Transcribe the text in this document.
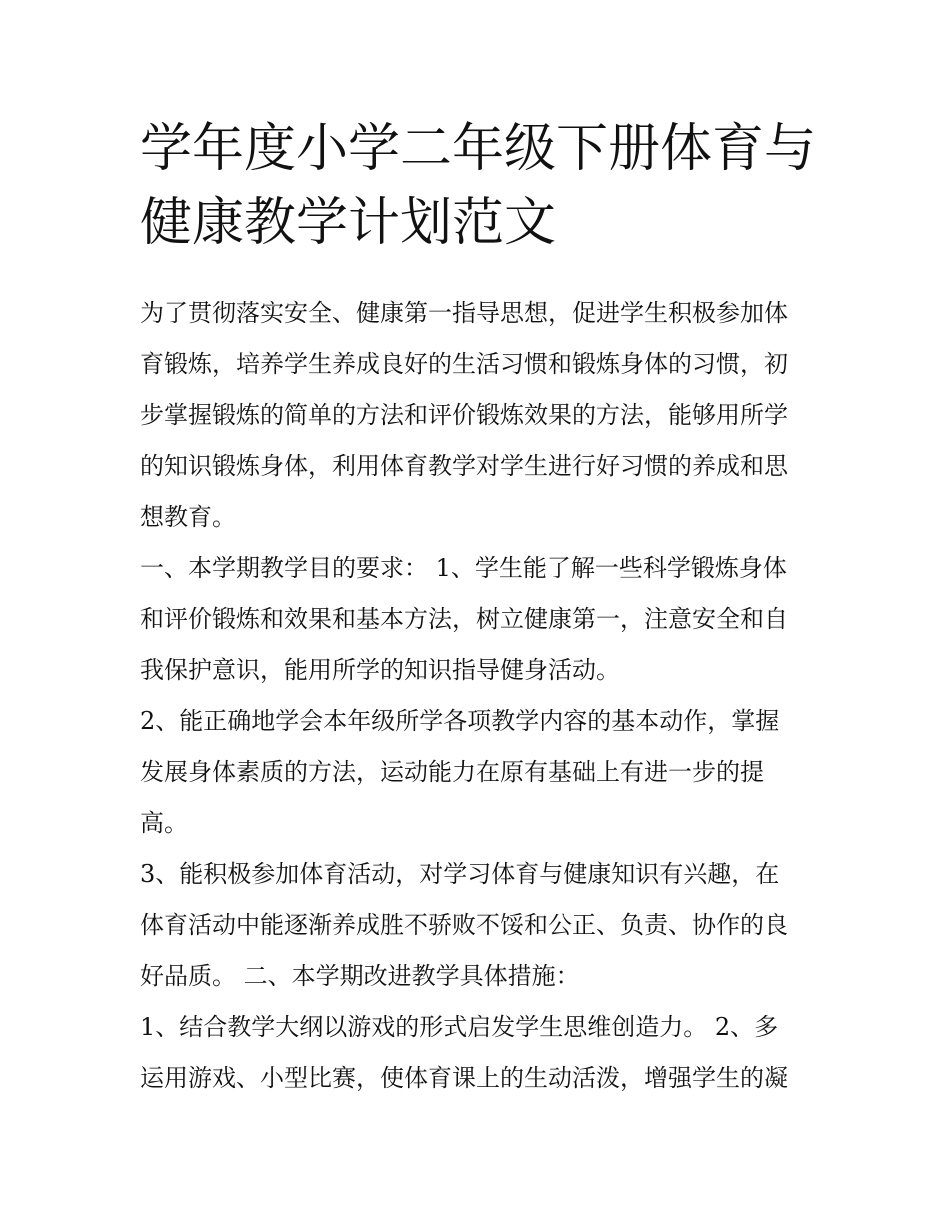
学年度小学二年级下册体育与
健康教学计划范文
为了贯彻落实安全、健康第一指导思想，促进学生积极参加体
育锻炼，培养学生养成良好的生活习惯和锻炼身体的习惯，初
步掌握锻炼的简单的方法和评价锻炼效果的方法，能够用所学
的知识锻炼身体，利用体育教学对学生进行好习惯的养成和思
想教育。
一、本学期教学目的要求： 1、学生能了解一些科学锻炼身体
和评价锻炼和效果和基本方法，树立健康第一，注意安全和自
我保护意识，能用所学的知识指导健身活动。
2、能正确地学会本年级所学各项教学内容的基本动作，掌握
发展身体素质的方法，运动能力在原有基础上有进一步的提
高。
3、能积极参加体育活动，对学习体育与健康知识有兴趣，在
体育活动中能逐渐养成胜不骄败不馁和公正、负责、协作的良
好品质。 二、本学期改进教学具体措施：
1、结合教学大纲以游戏的形式启发学生思维创造力。 2、多
运用游戏、小型比赛，使体育课上的生动活泼，增强学生的凝
